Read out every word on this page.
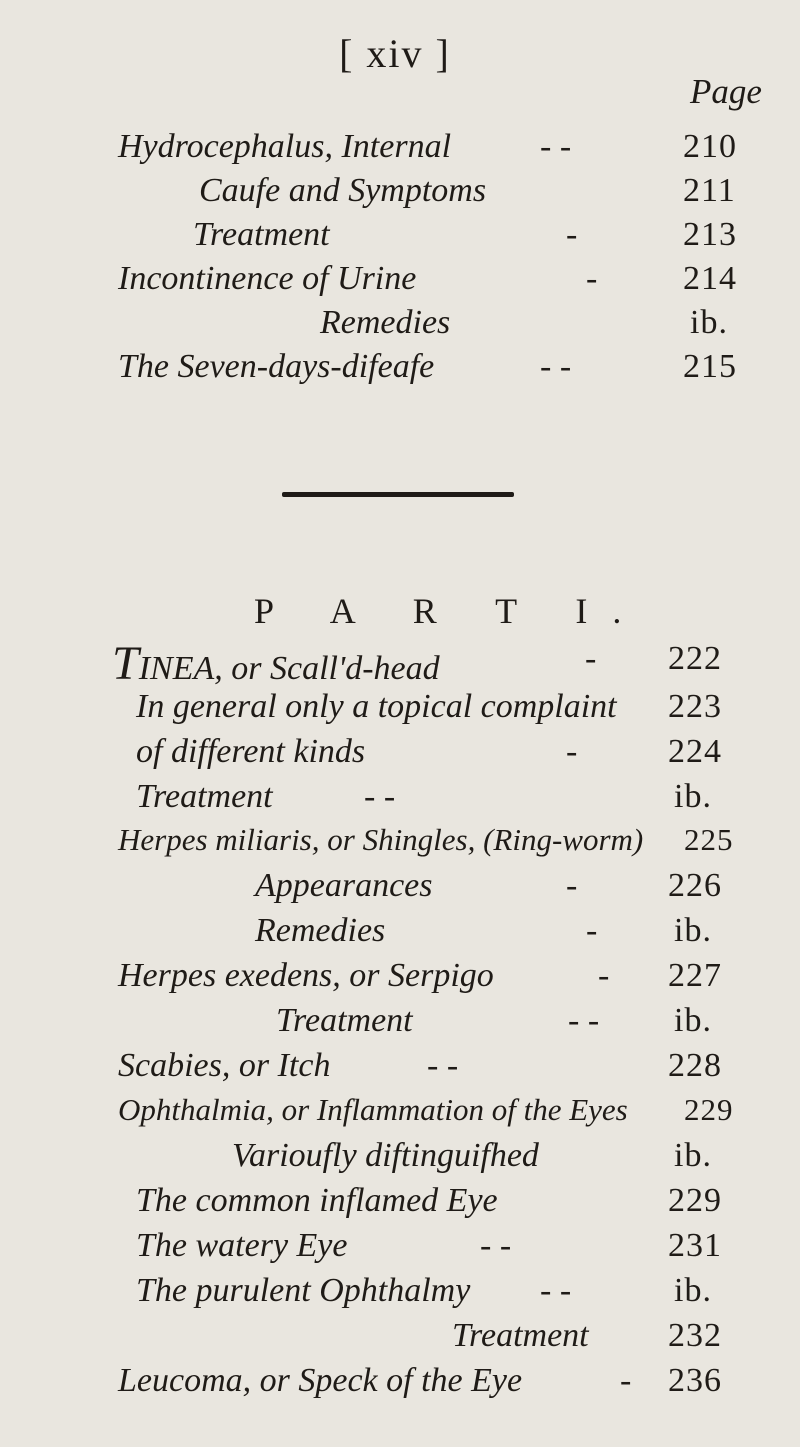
[ xiv ]
Page
Hydrocephalus, Internal	- -	210
Caufe and Symptoms	211
Treatment	-	213
Incontinence of Urine	-	214
Remedies	ib.
The Seven-days-difeafe	- -	215
P A R T I.
TINEA, or Scall'd-head	- 222
In general only a topical complaint 223
of different kinds	-	224
Treatment	- -	ib.
Herpes miliaris, or Shingles, (Ring-worm) 225
Appearances	-	226
Remedies	- ib.
Herpes exedens, or Serpigo	- 227
Treatment	- - ib.
Scabies, or Itch	- -	228
Ophthalmia, or Inflammation of the Eyes 229
Varioufly diftinguifhed	ib.
The common inflamed Eye	229
The watery Eye	- -	231
The purulent Ophthalmy - -	ib.
Treatment 232
Leucoma, or Speck of the Eye	- 236
